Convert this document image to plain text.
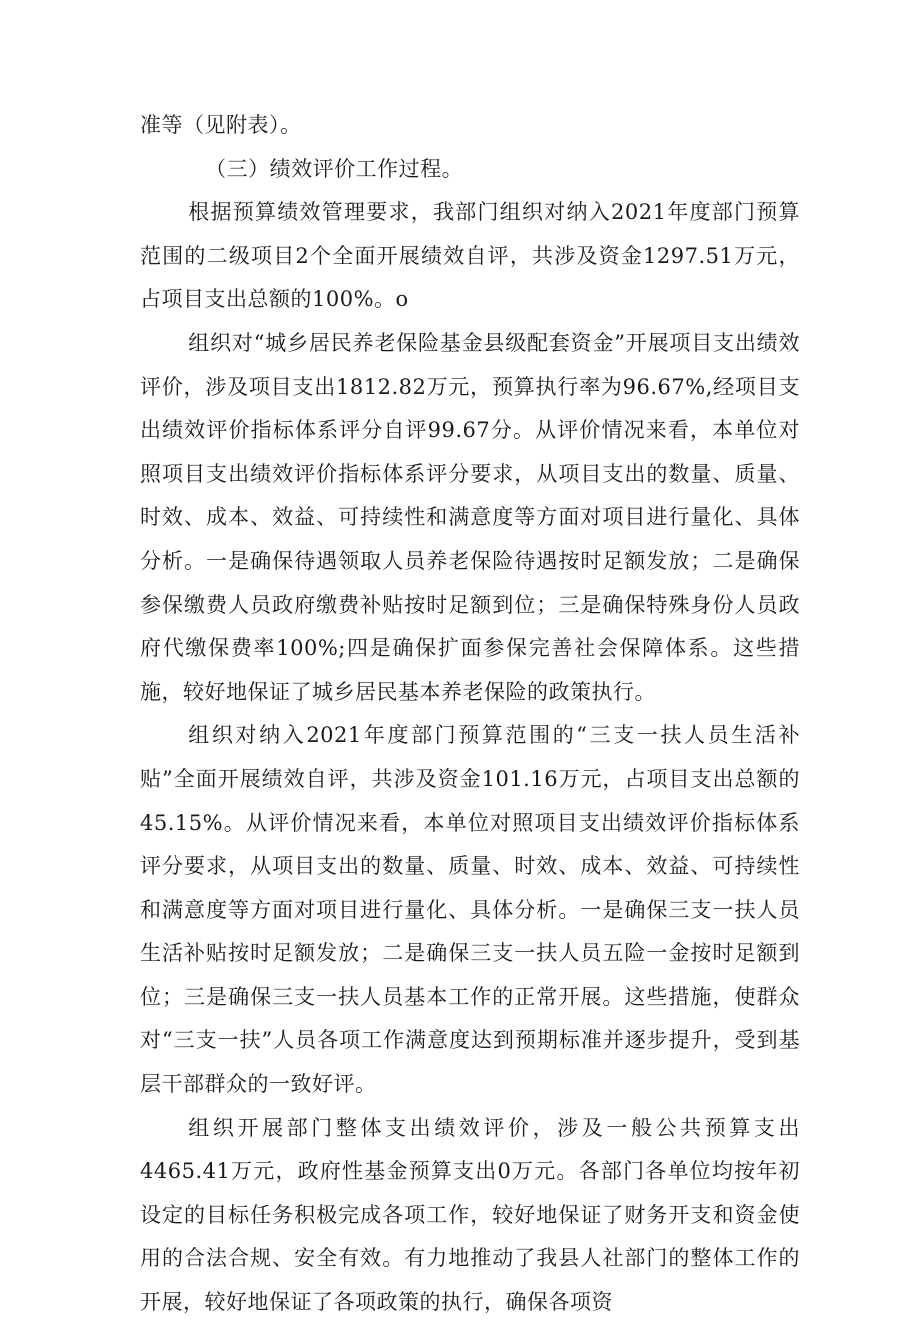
准等（见附表）。

（三）绩效评价工作过程。

根据预算绩效管理要求，我部门组织对纳入2021年度部门预算范围的二级项目2个全面开展绩效自评，共涉及资金1297.51万元，占项目支出总额的100%。o

组织对“城乡居民养老保险基金县级配套资金”开展项目支出绩效评价，涉及项目支出1812.82万元，预算执行率为96.67%,经项目支出绩效评价指标体系评分自评99.67分。从评价情况来看，本单位对照项目支出绩效评价指标体系评分要求，从项目支出的数量、质量、时效、成本、效益、可持续性和满意度等方面对项目进行量化、具体分析。一是确保待遇领取人员养老保险待遇按时足额发放；二是确保参保缴费人员政府缴费补贴按时足额到位；三是确保特殊身份人员政府代缴保费率100%;四是确保扩面参保完善社会保障体系。这些措施，较好地保证了城乡居民基本养老保险的政策执行。

组织对纳入2021年度部门预算范围的“三支一扶人员生活补贴”全面开展绩效自评，共涉及资金101.16万元，占项目支出总额的45.15%。从评价情况来看，本单位对照项目支出绩效评价指标体系评分要求，从项目支出的数量、质量、时效、成本、效益、可持续性和满意度等方面对项目进行量化、具体分析。一是确保三支一扶人员生活补贴按时足额发放；二是确保三支一扶人员五险一金按时足额到位；三是确保三支一扶人员基本工作的正常开展。这些措施，使群众对“三支一扶”人员各项工作满意度达到预期标准并逐步提升，受到基层干部群众的一致好评。

组织开展部门整体支出绩效评价，涉及一般公共预算支出4465.41万元，政府性基金预算支出0万元。各部门各单位均按年初设定的目标任务积极完成各项工作，较好地保证了财务开支和资金使用的合法合规、安全有效。有力地推动了我县人社部门的整体工作的开展，较好地保证了各项政策的执行，确保各项资
